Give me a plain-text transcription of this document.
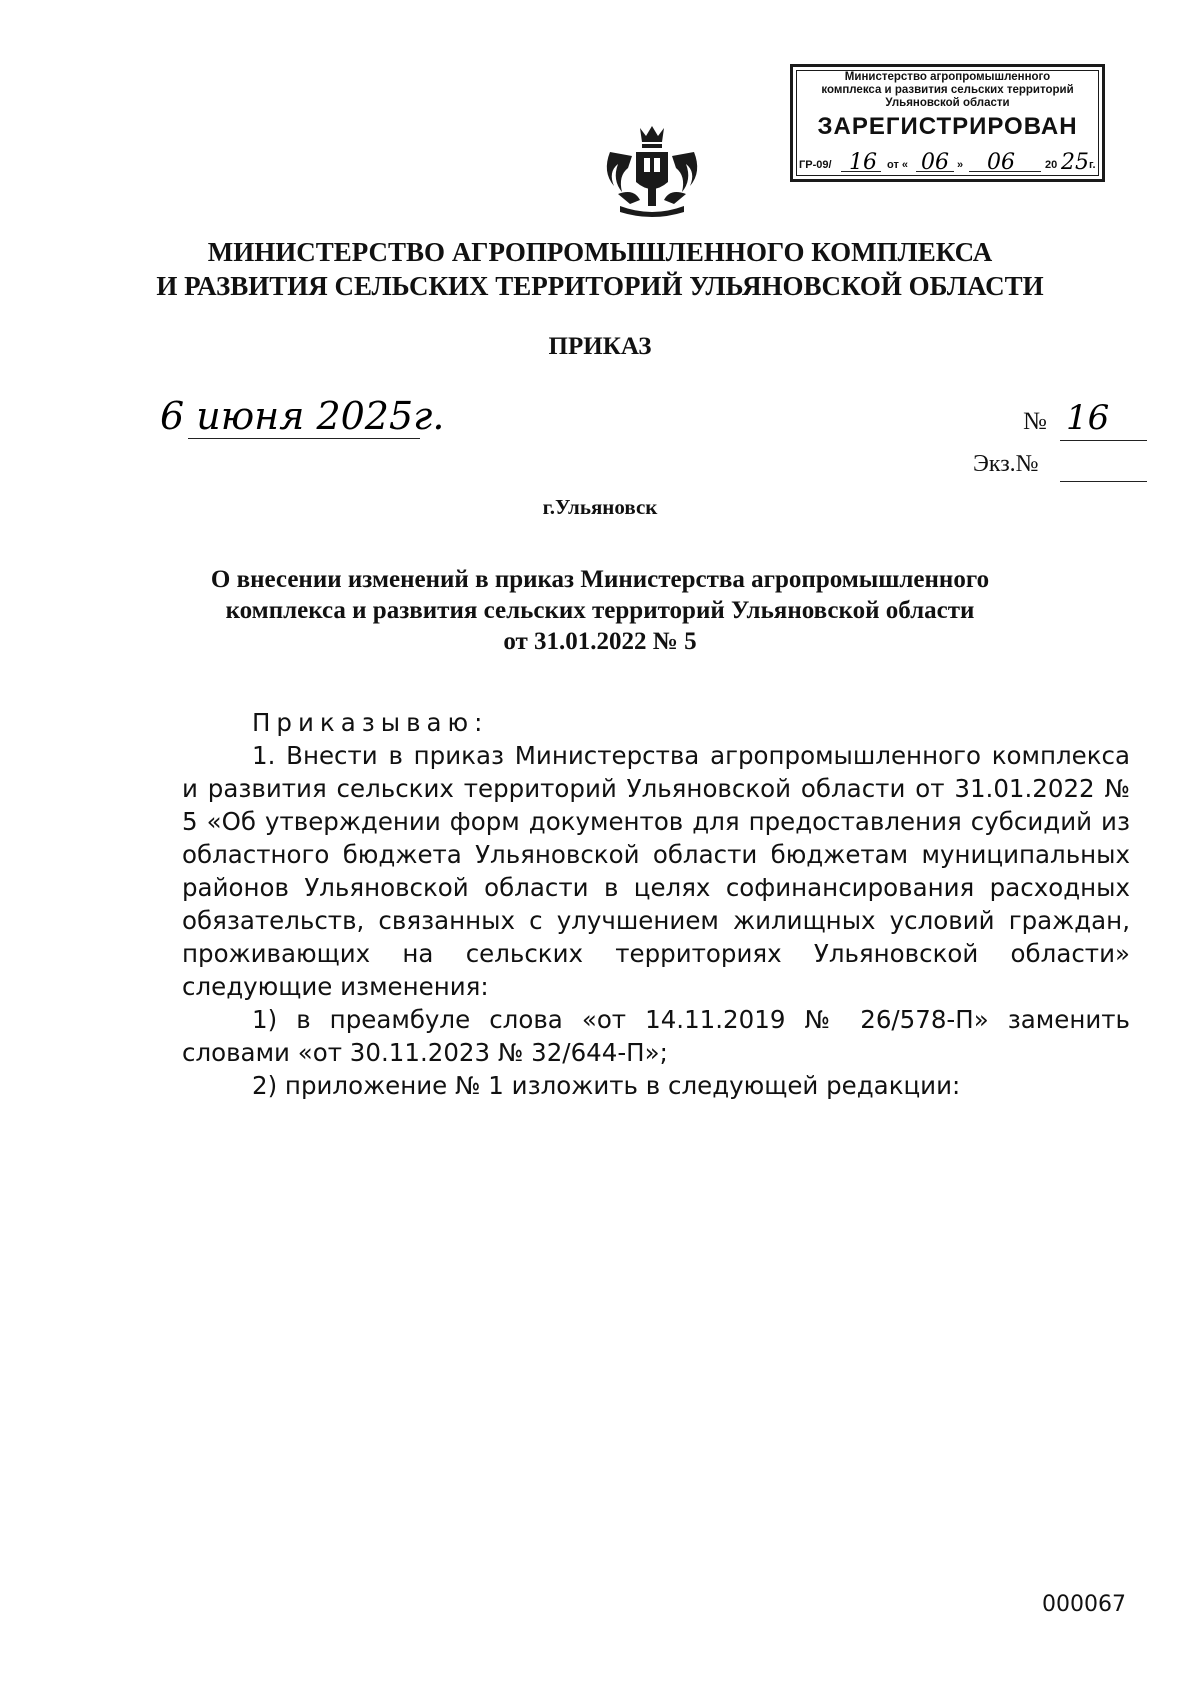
Министерство агропромышленного
комплекса и развития сельских территорий
Ульяновской области
ЗАРЕГИСТРИРОВАН
ГР-09/ 16 от « 06 » 06	20 25 г.
МИНИСТЕРСТВО АГРОПРОМЫШЛЕННОГО КОМПЛЕКСА
И РАЗВИТИЯ СЕЛЬСКИХ ТЕРРИТОРИЙ УЛЬЯНОВСКОЙ ОБЛАСТИ
ПРИКАЗ
6 июня 2025г.	№ 16
Экз.№
г.Ульяновск
О внесении изменений в приказ Министерства агропромышленного
комплекса и развития сельских территорий Ульяновской области
от 31.01.2022 № 5

Приказываю:

1. Внести в приказ Министерства агропромышленного комплекса и развития сельских территорий Ульяновской области от 31.01.2022 № 5 «Об утверждении форм документов для предоставления субсидий из областного бюджета Ульяновской области бюджетам муниципальных районов Ульяновской области в целях софинансирования расходных обязательств, связанных с улучшением жилищных условий граждан, проживающих на сельских территориях Ульяновской области» следующие изменения:

1) в преамбуле слова «от 14.11.2019 № 26/578-П» заменить словами «от 30.11.2023 № 32/644-П»;

2) приложение № 1 изложить в следующей редакции:

000067
